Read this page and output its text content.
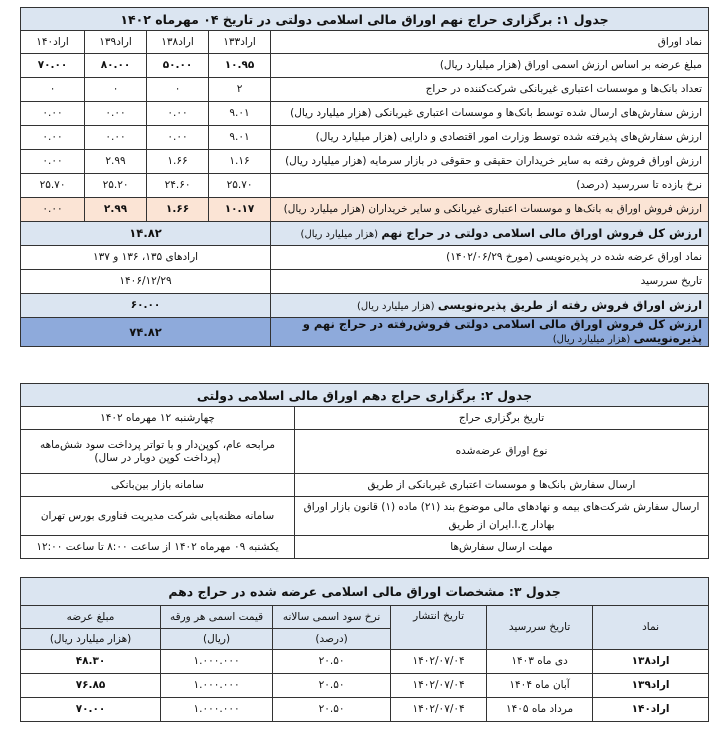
جدول ۱: برگزاری حراج نهم اوراق مالی اسلامی دولتی در تاریخ ۰۴ مهرماه ۱۴۰۲				
نماد اوراق	اراد۱۳۳	اراد۱۳۸	اراد۱۳۹	اراد۱۴۰
مبلغ عرضه بر اساس ارزش اسمی اوراق (هزار میلیارد ریال)	۱۰.۹۵	۵۰.۰۰	۸۰.۰۰	۷۰.۰۰
تعداد بانک‌ها و موسسات اعتباری غیربانکی شرکت‌کننده در حراج	۲	۰	۰	۰
ارزش سفارش‌های ارسال شده توسط بانک‌ها و موسسات اعتباری غیربانکی (هزار میلیارد ریال)	۹.۰۱	۰.۰۰	۰.۰۰	۰.۰۰
ارزش سفارش‌های پذیرفته شده توسط وزارت امور اقتصادی و دارایی (هزار میلیارد ریال)	۹.۰۱	۰.۰۰	۰.۰۰	۰.۰۰
ارزش اوراق فروش رفته به سایر خریداران حقیقی و حقوقی در بازار سرمایه (هزار میلیارد ریال)	۱.۱۶	۱.۶۶	۲.۹۹	۰.۰۰
نرخ بازده تا سررسید (درصد)	۲۵.۷۰	۲۴.۶۰	۲۵.۲۰	۲۵.۷۰
ارزش فروش اوراق به بانک‌ها و موسسات اعتباری غیربانکی و سایر خریداران (هزار میلیارد ریال)	۱۰.۱۷	۱.۶۶	۲.۹۹	۰.۰۰
ارزش کل فروش اوراق مالی اسلامی دولتی در حراج نهم (هزار میلیارد ریال)	۱۴.۸۲			
نماد اوراق عرضه شده در پذیره‌نویسی (مورخ ۱۴۰۲/۰۶/۲۹)	اراد‌های ۱۳۵، ۱۳۶ و ۱۳۷			
تاریخ سررسید	۱۴۰۶/۱۲/۲۹			
ارزش اوراق فروش رفته از طریق پذیره‌نویسی (هزار میلیارد ریال)	۶۰.۰۰			
ارزش کل فروش اوراق مالی اسلامی دولتی فروش‌رفته در حراج نهم و پذیره‌نویسی (هزار میلیارد ریال)	۷۴.۸۲			
جدول ۲: برگزاری حراج دهم اوراق مالی اسلامی دولتی	
تاریخ برگزاری حراج	چهارشنبه ۱۲ مهرماه ۱۴۰۲
نوع اوراق عرضه‌شده	مرابحه عام، کوپن‌دار و با تواتر پرداخت سود شش‌ماهه (پرداخت کوپن دوبار در سال)
ارسال سفارش بانک‌ها و موسسات اعتباری غیربانکی از طریق	سامانه بازار بین‌بانکی
ارسال سفارش شرکت‌های بیمه و نهادهای مالی موضوع بند (۲۱) ماده (۱) قانون بازار اوراق بهادار ج.ا.ایران از طریق	سامانه مظنه‌یابی شرکت مدیریت فناوری بورس تهران
مهلت ارسال سفارش‌ها	یکشنبه ۰۹ مهرماه ۱۴۰۲ از ساعت ۸:۰۰ تا ساعت ۱۲:۰۰
جدول ۳: مشخصات اوراق مالی اسلامی عرضه شده در حراج دهم					
نماد	تاریخ سررسید	تاریخ انتشار	نرخ سود اسمی سالانه	قیمت اسمی هر ورقه	مبلغ عرضه
			(درصد)	(ریال)	(هزار میلیارد ریال)
اراد۱۳۸	دی ماه ۱۴۰۳	۱۴۰۲/۰۷/۰۴	۲۰.۵۰	۱.۰۰۰.۰۰۰	۴۸.۳۰
اراد۱۳۹	آبان ماه ۱۴۰۴	۱۴۰۲/۰۷/۰۴	۲۰.۵۰	۱.۰۰۰.۰۰۰	۷۶.۸۵
اراد۱۴۰	مرداد ماه ۱۴۰۵	۱۴۰۲/۰۷/۰۴	۲۰.۵۰	۱.۰۰۰.۰۰۰	۷۰.۰۰
